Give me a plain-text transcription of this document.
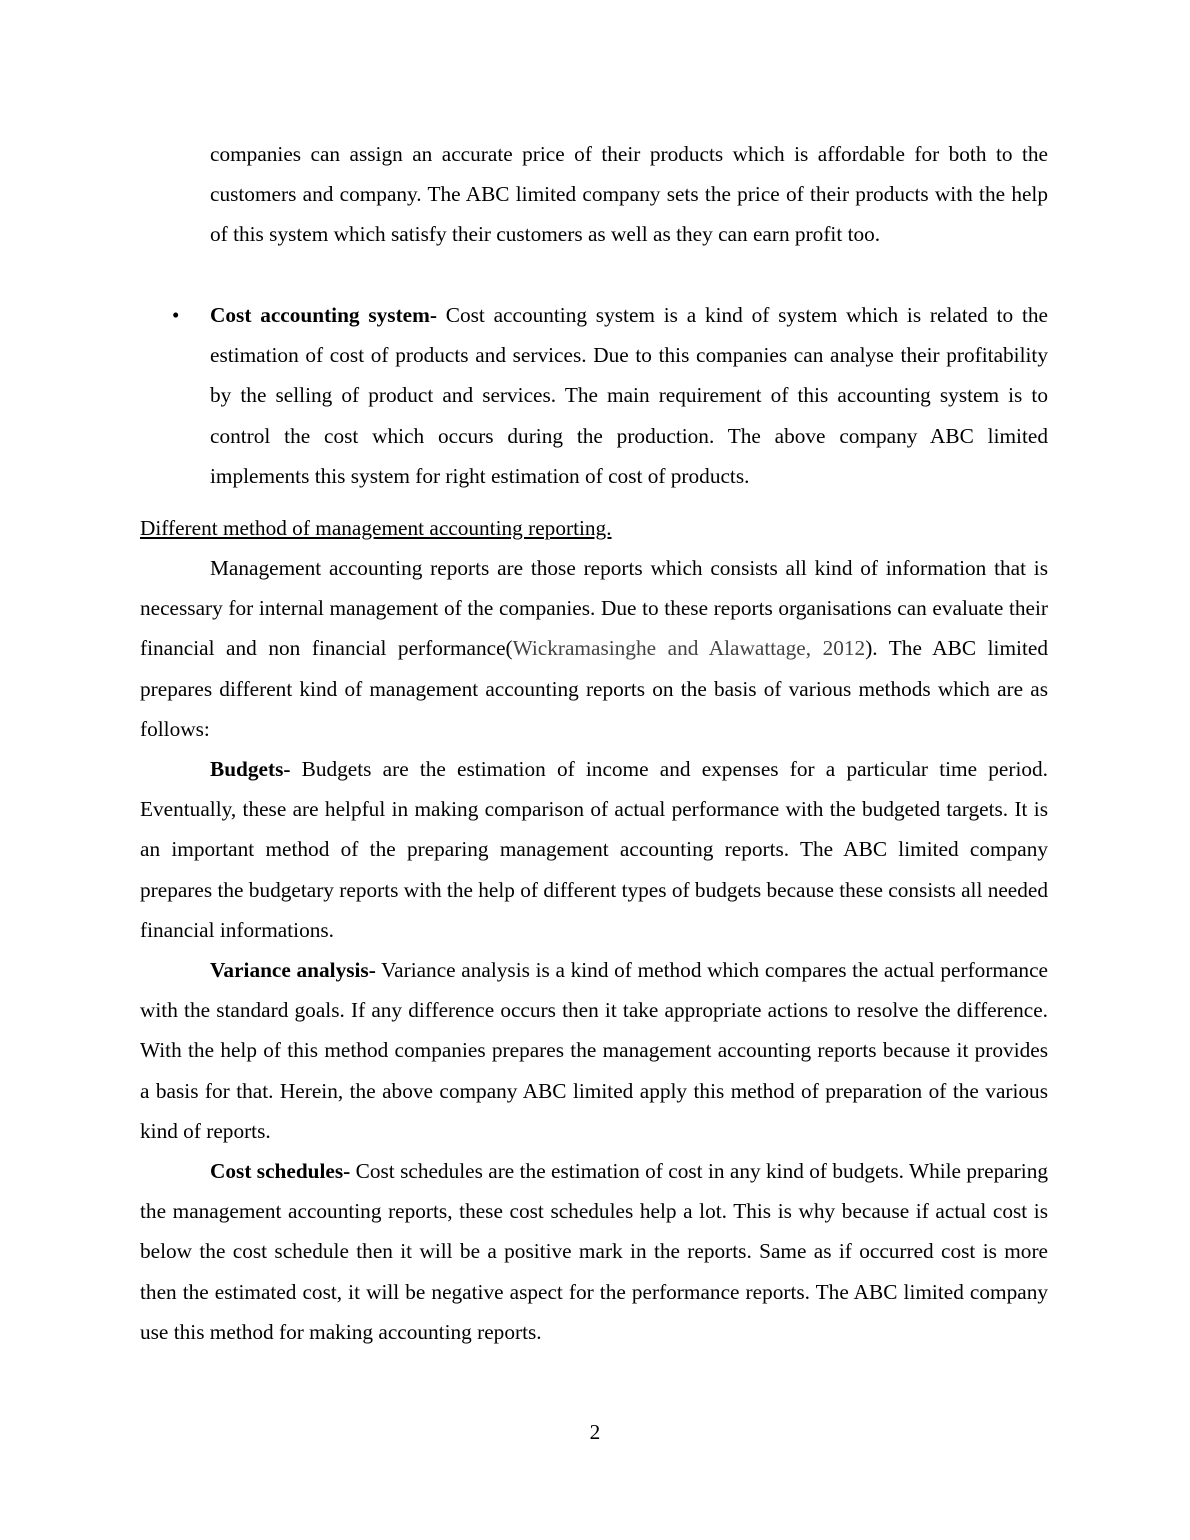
companies can assign an accurate price of their products which is affordable for both to the customers and company. The ABC limited company sets the price of their products with the help of this system which satisfy their customers as well as they can earn profit too.

• Cost accounting system- Cost accounting system is a kind of system which is related to the estimation of cost of products and services. Due to this companies can analyse their profitability by the selling of product and services. The main requirement of this accounting system is to control the cost which occurs during the production. The above company ABC limited implements this system for right estimation of cost of products.

Different method of management accounting reporting.

Management accounting reports are those reports which consists all kind of information that is necessary for internal management of the companies. Due to these reports organisations can evaluate their financial and non financial performance(Wickramasinghe and Alawattage, 2012). The ABC limited prepares different kind of management accounting reports on the basis of various methods which are as follows:

Budgets- Budgets are the estimation of income and expenses for a particular time period. Eventually, these are helpful in making comparison of actual performance with the budgeted targets. It is an important method of the preparing management accounting reports. The ABC limited company prepares the budgetary reports with the help of different types of budgets because these consists all needed financial informations.

Variance analysis- Variance analysis is a kind of method which compares the actual performance with the standard goals. If any difference occurs then it take appropriate actions to resolve the difference. With the help of this method companies prepares the management accounting reports because it provides a basis for that. Herein, the above company ABC limited apply this method of preparation of the various kind of reports.

Cost schedules- Cost schedules are the estimation of cost in any kind of budgets. While preparing the management accounting reports, these cost schedules help a lot. This is why because if actual cost is below the cost schedule then it will be a positive mark in the reports. Same as if occurred cost is more then the estimated cost, it will be negative aspect for the performance reports. The ABC limited company use this method for making accounting reports.

2
